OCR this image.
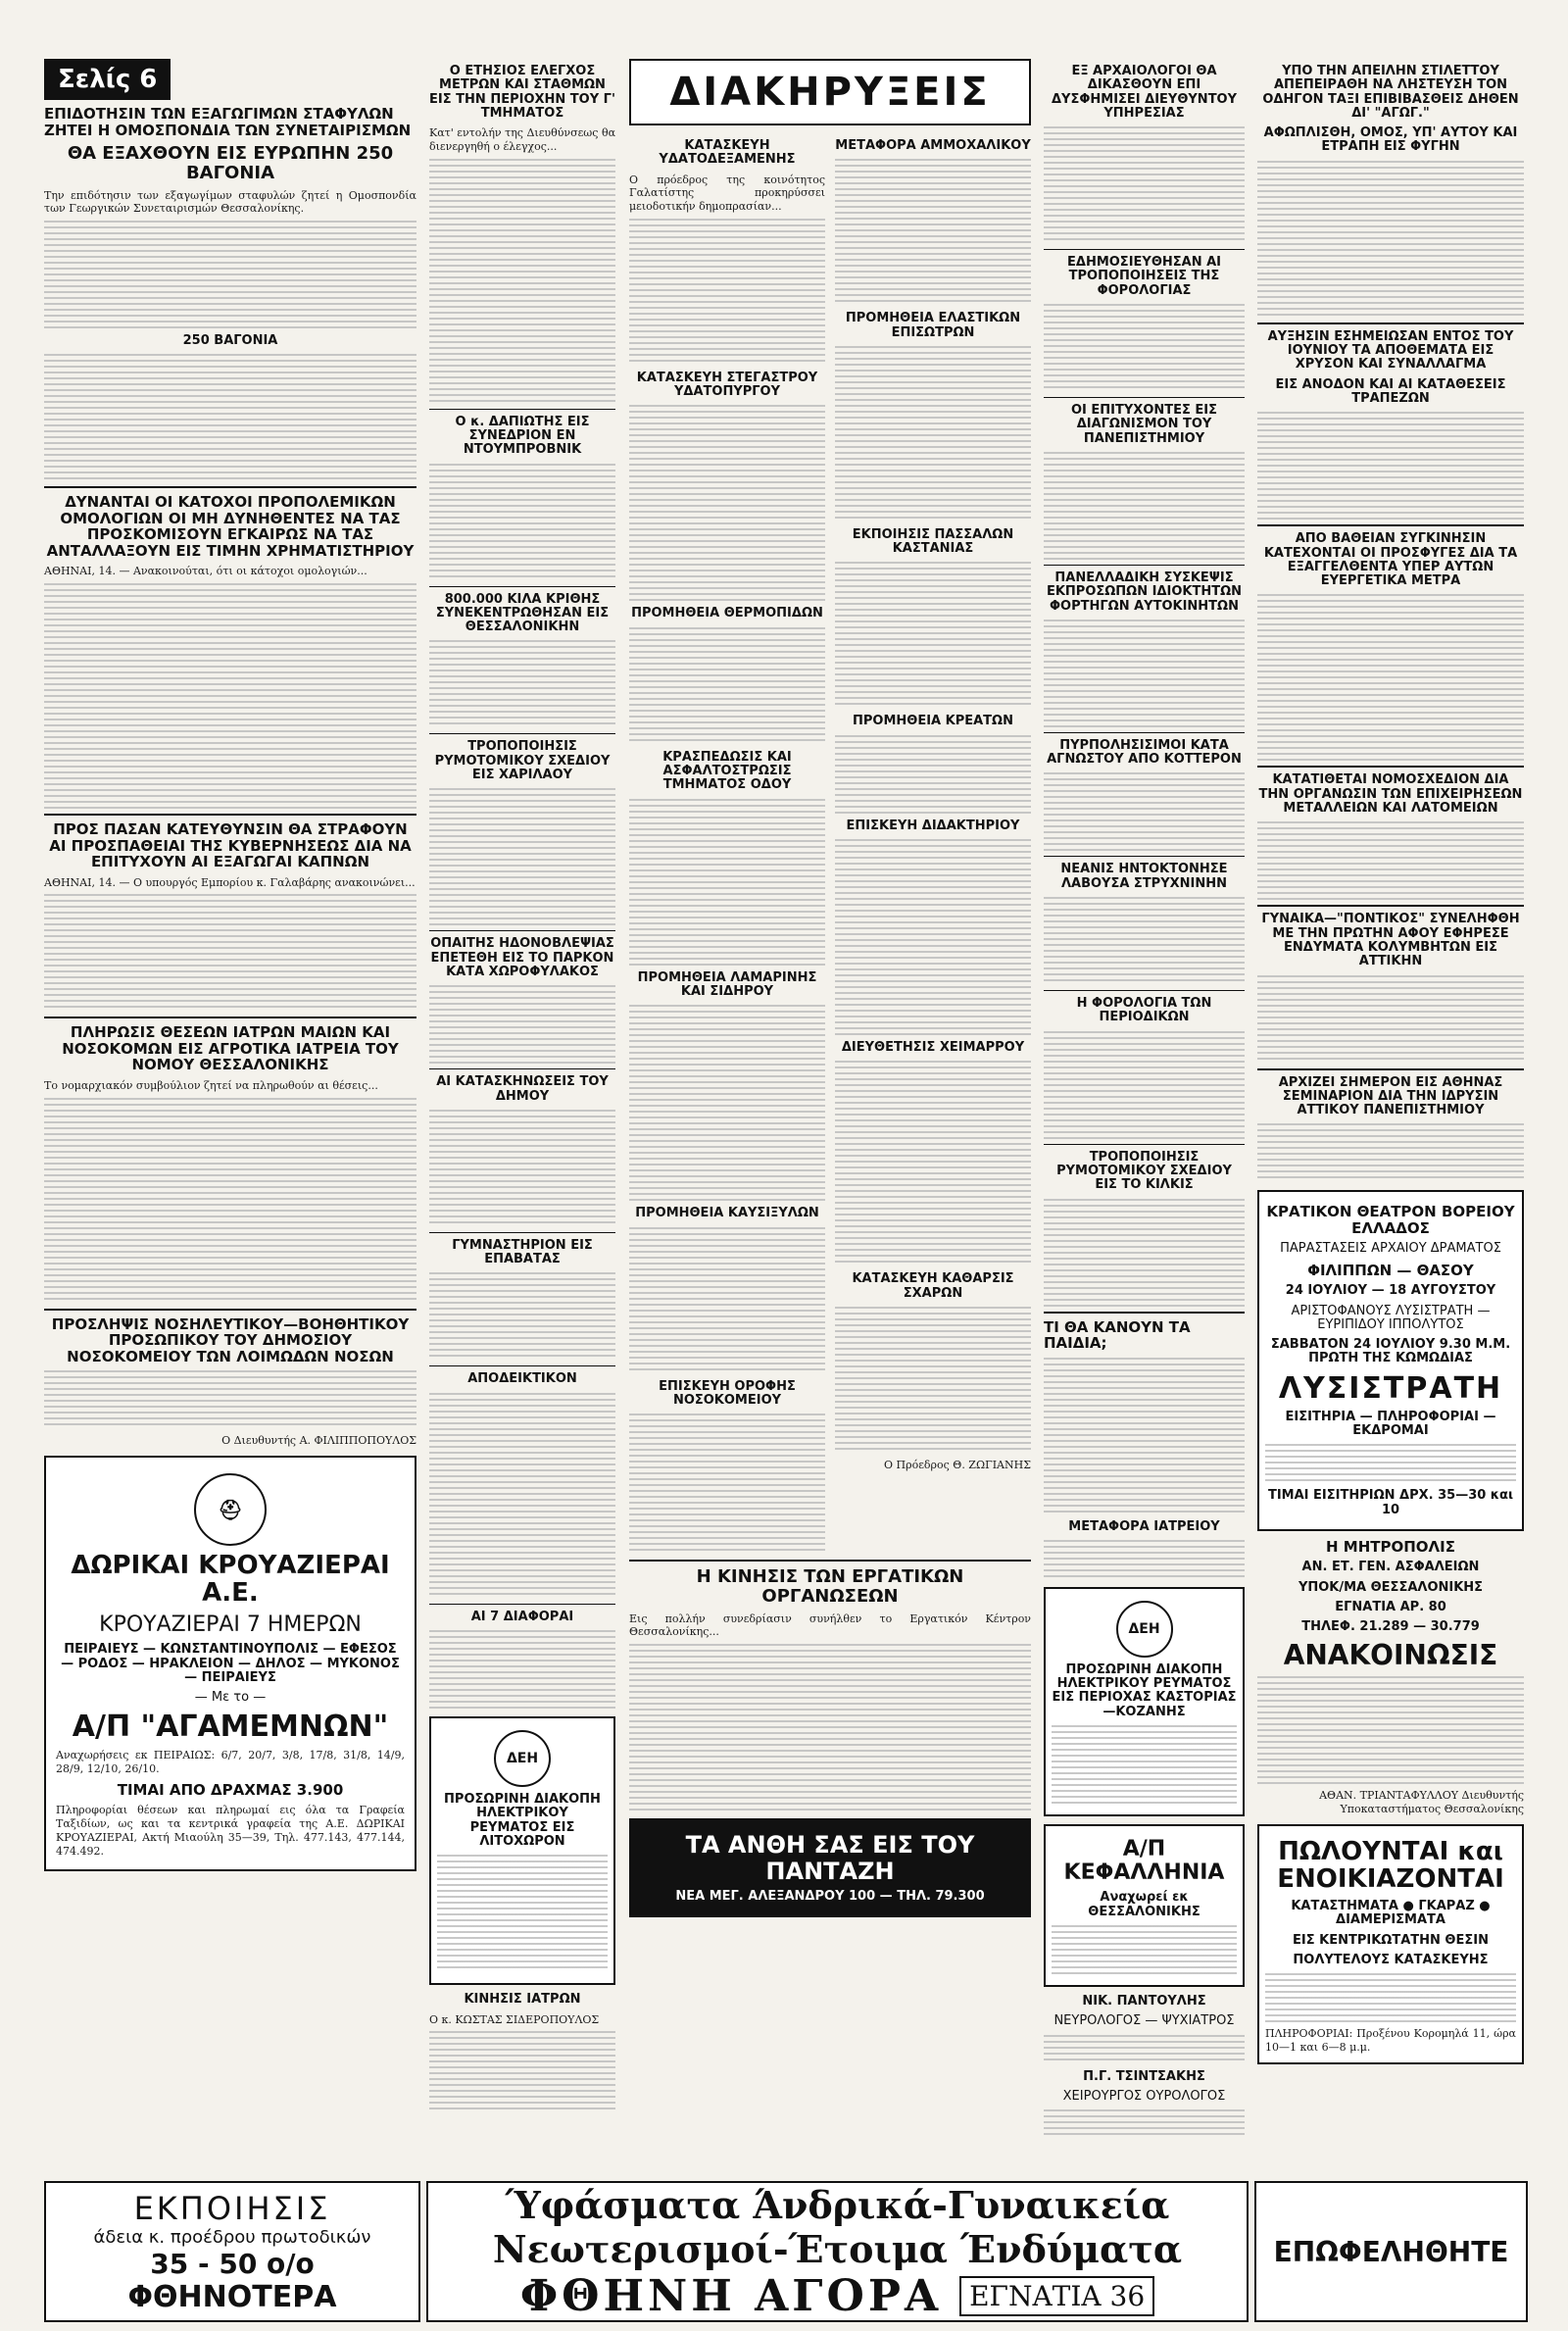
Σελίς 6
ΕΠΙΔΟΤΗΣΙΝ ΤΩΝ ΕΞΑΓΩΓΙΜΩΝ ΣΤΑΦΥΛΩΝ ΖΗΤΕΙ Η ΟΜΟΣΠΟΝΔΙΑ ΤΩΝ ΣΥΝΕΤΑΙΡΙΣΜΩΝ
ΘΑ ΕΞΑΧΘΟΥΝ ΕΙΣ ΕΥΡΩΠΗΝ 250 ΒΑΓΟΝΙΑ
Την επιδότησιν των εξαγωγίμων σταφυλών ζητεί η Ομοσπονδία των Γεωργικών Συνεταιρισμών Θεσσαλονίκης.
250 ΒΑΓΟΝΙΑ
ΔΥΝΑΝΤΑΙ ΟΙ ΚΑΤΟΧΟΙ ΠΡΟΠΟΛΕΜΙΚΩΝ ΟΜΟΛΟΓΙΩΝ ΟΙ ΜΗ ΔΥΝΗΘΕΝΤΕΣ ΝΑ ΤΑΣ ΠΡΟΣΚΟΜΙΣΟΥΝ ΕΓΚΑΙΡΩΣ ΝΑ ΤΑΣ ΑΝΤΑΛΛΑΞΟΥΝ ΕΙΣ ΤΙΜΗΝ ΧΡΗΜΑΤΙΣΤΗΡΙΟΥ
ΑΘΗΝΑΙ, 14. — Ανακοινούται, ότι οι κάτοχοι ομολογιών...
ΠΡΟΣ ΠΑΣΑΝ ΚΑΤΕΥΘΥΝΣΙΝ ΘΑ ΣΤΡΑΦΟΥΝ ΑΙ ΠΡΟΣΠΑΘΕΙΑΙ ΤΗΣ ΚΥΒΕΡΝΗΣΕΩΣ ΔΙΑ ΝΑ ΕΠΙΤΥΧΟΥΝ ΑΙ ΕΞΑΓΩΓΑΙ ΚΑΠΝΩΝ
ΑΘΗΝΑΙ, 14. — Ο υπουργός Εμπορίου κ. Γαλαβάρης ανακοινώνει...
ΠΛΗΡΩΣΙΣ ΘΕΣΕΩΝ ΙΑΤΡΩΝ ΜΑΙΩΝ ΚΑΙ ΝΟΣΟΚΟΜΩΝ ΕΙΣ ΑΓΡΟΤΙΚΑ ΙΑΤΡΕΙΑ ΤΟΥ ΝΟΜΟΥ ΘΕΣΣΑΛΟΝΙΚΗΣ
Το νομαρχιακόν συμβούλιον ζητεί να πληρωθούν αι θέσεις...
ΠΡΟΣΛΗΨΙΣ ΝΟΣΗΛΕΥΤΙΚΟΥ—ΒΟΗΘΗΤΙΚΟΥ ΠΡΟΣΩΠΙΚΟΥ ΤΟΥ ΔΗΜΟΣΙΟΥ ΝΟΣΟΚΟΜΕΙΟΥ ΤΩΝ ΛΟΙΜΩΔΩΝ ΝΟΣΩΝ
Ο Διευθυντής Α. ΦΙΛΙΠΠΟΠΟΥΛΟΣ
⛑
ΔΩΡΙΚΑΙ ΚΡΟΥΑΖΙΕΡΑΙ Α.Ε.
ΚΡΟΥΑΖΙΕΡΑΙ 7 ΗΜΕΡΩΝ
ΠΕΙΡΑΙΕΥΣ — ΚΩΝΣΤΑΝΤΙΝΟΥΠΟΛΙΣ — ΕΦΕΣΟΣ — ΡΟΔΟΣ — ΗΡΑΚΛΕΙΟΝ — ΔΗΛΟΣ — ΜΥΚΟΝΟΣ — ΠΕΙΡΑΙΕΥΣ
— Με το —
Α/Π "ΑΓΑΜΕΜΝΩΝ"
Αναχωρήσεις εκ ΠΕΙΡΑΙΩΣ: 6/7, 20/7, 3/8, 17/8, 31/8, 14/9, 28/9, 12/10, 26/10.
ΤΙΜΑΙ ΑΠΟ ΔΡΑΧΜΑΣ 3.900
Πληροφορίαι θέσεων και πληρωμαί εις όλα τα Γραφεία Ταξιδίων, ως και τα κεντρικά γραφεία της Α.Ε. ΔΩΡΙΚΑΙ ΚΡΟΥΑΖΙΕΡΑΙ, Ακτή Μιαούλη 35—39, Τηλ. 477.143, 477.144, 474.492.
Ο ΕΤΗΣΙΟΣ ΕΛΕΓΧΟΣ ΜΕΤΡΩΝ ΚΑΙ ΣΤΑΘΜΩΝ ΕΙΣ ΤΗΝ ΠΕΡΙΟΧΗΝ ΤΟΥ Γ' ΤΜΗΜΑΤΟΣ
Κατ' εντολήν της Διευθύνσεως θα διενεργηθή ο έλεγχος...
Ο κ. ΔΑΠΙΩΤΗΣ ΕΙΣ ΣΥΝΕΔΡΙΟΝ ΕΝ ΝΤΟΥΜΠΡΟΒΝΙΚ
800.000 ΚΙΛΑ ΚΡΙΘΗΣ ΣΥΝΕΚΕΝΤΡΩΘΗΣΑΝ ΕΙΣ ΘΕΣΣΑΛΟΝΙΚΗΝ
ΤΡΟΠΟΠΟΙΗΣΙΣ ΡΥΜΟΤΟΜΙΚΟΥ ΣΧΕΔΙΟΥ ΕΙΣ ΧΑΡΙΛΑΟΥ
ΟΠΑΙΤΗΣ ΗΔΟΝΟΒΛΕΨΙΑΣ ΕΠΕΤΕΘΗ ΕΙΣ ΤΟ ΠΑΡΚΟΝ ΚΑΤΑ ΧΩΡΟΦΥΛΑΚΟΣ
ΑΙ ΚΑΤΑΣΚΗΝΩΣΕΙΣ ΤΟΥ ΔΗΜΟΥ
ΓΥΜΝΑΣΤΗΡΙΟΝ ΕΙΣ ΕΠΑΒΑΤΑΣ
ΑΠΟΔΕΙΚΤΙΚΟΝ
ΑΙ 7 ΔΙΑΦΟΡΑΙ
ΔΕΗ
ΠΡΟΣΩΡΙΝΗ ΔΙΑΚΟΠΗ ΗΛΕΚΤΡΙΚΟΥ ΡΕΥΜΑΤΟΣ ΕΙΣ ΛΙΤΟΧΩΡΟΝ
ΚΙΝΗΣΙΣ ΙΑΤΡΩΝ
Ο κ. ΚΩΣΤΑΣ ΣΙΔΕΡΟΠΟΥΛΟΣ
ΔΙΑΚΗΡΥΞΕΙΣ
ΚΑΤΑΣΚΕΥΗ ΥΔΑΤΟΔΕΞΑΜΕΝΗΣ
Ο πρόεδρος της κοινότητος Γαλατίστης προκηρύσσει μειοδοτικήν δημοπρασίαν...
ΚΑΤΑΣΚΕΥΗ ΣΤΕΓΑΣΤΡΟΥ ΥΔΑΤΟΠΥΡΓΟΥ
ΠΡΟΜΗΘΕΙΑ ΘΕΡΜΟΠΙΔΩΝ
ΚΡΑΣΠΕΔΩΣΙΣ ΚΑΙ ΑΣΦΑΛΤΟΣΤΡΩΣΙΣ ΤΜΗΜΑΤΟΣ ΟΔΟΥ
ΠΡΟΜΗΘΕΙΑ ΛΑΜΑΡΙΝΗΣ ΚΑΙ ΣΙΔΗΡΟΥ
ΠΡΟΜΗΘΕΙΑ ΚΑΥΣΙΞΥΛΩΝ
ΕΠΙΣΚΕΥΗ ΟΡΟΦΗΣ ΝΟΣΟΚΟΜΕΙΟΥ
ΜΕΤΑΦΟΡΑ ΑΜΜΟΧΑΛΙΚΟΥ
ΠΡΟΜΗΘΕΙΑ ΕΛΑΣΤΙΚΩΝ ΕΠΙΣΩΤΡΩΝ
ΕΚΠΟΙΗΣΙΣ ΠΑΣΣΑΛΩΝ ΚΑΣΤΑΝΙΑΣ
ΠΡΟΜΗΘΕΙΑ ΚΡΕΑΤΩΝ
ΕΠΙΣΚΕΥΗ ΔΙΔΑΚΤΗΡΙΟΥ
ΔΙΕΥΘΕΤΗΣΙΣ ΧΕΙΜΑΡΡΟΥ
ΚΑΤΑΣΚΕΥΗ ΚΑΘΑΡΣΙΣ ΣΧΑΡΩΝ
Ο Πρόεδρος Θ. ΖΩΓΙΑΝΗΣ
Η ΚΙΝΗΣΙΣ ΤΩΝ ΕΡΓΑΤΙΚΩΝ ΟΡΓΑΝΩΣΕΩΝ
Εις πολλήν συνεδρίασιν συνήλθεν το Εργατικόν Κέντρον Θεσσαλονίκης...
ΤΑ ΑΝΘΗ ΣΑΣ ΕΙΣ ΤΟΥ ΠΑΝΤΑΖΗ
ΝΕΑ ΜΕΓ. ΑΛΕΞΑΝΔΡΟΥ 100 — ΤΗΛ. 79.300
ΕΞ ΑΡΧΑΙΟΛΟΓΟΙ ΘΑ ΔΙΚΑΣΘΟΥΝ ΕΠΙ ΔΥΣΦΗΜΙΣΕΙ ΔΙΕΥΘΥΝΤΟΥ ΥΠΗΡΕΣΙΑΣ
ΕΔΗΜΟΣΙΕΥΘΗΣΑΝ ΑΙ ΤΡΟΠΟΠΟΙΗΣΕΙΣ ΤΗΣ ΦΟΡΟΛΟΓΙΑΣ
ΟΙ ΕΠΙΤΥΧΟΝΤΕΣ ΕΙΣ ΔΙΑΓΩΝΙΣΜΟΝ ΤΟΥ ΠΑΝΕΠΙΣΤΗΜΙΟΥ
ΠΑΝΕΛΛΑΔΙΚΗ ΣΥΣΚΕΨΙΣ ΕΚΠΡΟΣΩΠΩΝ ΙΔΙΟΚΤΗΤΩΝ ΦΟΡΤΗΓΩΝ ΑΥΤΟΚΙΝΗΤΩΝ
ΠΥΡΠΟΛΗΣΙΣΙΜΟΙ ΚΑΤΑ ΑΓΝΩΣΤΟΥ ΑΠΟ ΚΟΤΤΕΡΟΝ
ΝΕΑΝΙΣ ΗΝΤΟΚΤΟΝΗΣΕ ΛΑΒΟΥΣΑ ΣΤΡΥΧΝΙΝΗΝ
Η ΦΟΡΟΛΟΓΙΑ ΤΩΝ ΠΕΡΙΟΔΙΚΩΝ
ΤΡΟΠΟΠΟΙΗΣΙΣ ΡΥΜΟΤΟΜΙΚΟΥ ΣΧΕΔΙΟΥ ΕΙΣ ΤΟ ΚΙΛΚΙΣ
ΤΙ ΘΑ ΚΑΝΟΥΝ ΤΑ ΠΑΙΔΙΑ;
ΜΕΤΑΦΟΡΑ ΙΑΤΡΕΙΟΥ
ΔΕΗ
ΠΡΟΣΩΡΙΝΗ ΔΙΑΚΟΠΗ ΗΛΕΚΤΡΙΚΟΥ ΡΕΥΜΑΤΟΣ ΕΙΣ ΠΕΡΙΟΧΑΣ ΚΑΣΤΟΡΙΑΣ—ΚΟΖΑΝΗΣ
Α/Π ΚΕΦΑΛΛΗΝΙΑ
Αναχωρεί εκ ΘΕΣΣΑΛΟΝΙΚΗΣ
ΝΙΚ. ΠΑΝΤΟΥΛΗΣ
ΝΕΥΡΟΛΟΓΟΣ — ΨΥΧΙΑΤΡΟΣ
Π.Γ. ΤΣΙΝΤΣΑΚΗΣ
ΧΕΙΡΟΥΡΓΟΣ ΟΥΡΟΛΟΓΟΣ
ΥΠΟ ΤΗΝ ΑΠΕΙΛΗΝ ΣΤΙΛΕΤΤΟΥ ΑΠΕΠΕΙΡΑΘΗ ΝΑ ΛΗΣΤΕΥΣΗ ΤΟΝ ΟΔΗΓΟΝ ΤΑΞΙ ΕΠΙΒΙΒΑΣΘΕΙΣ ΔΗΘΕΝ ΔΙ' "ΑΓΩΓ."
ΑΦΩΠΛΙΣΘΗ, ΟΜΟΣ, ΥΠ' ΑΥΤΟΥ ΚΑΙ ΕΤΡΑΠΗ ΕΙΣ ΦΥΓΗΝ
ΑΥΞΗΣΙΝ ΕΣΗΜΕΙΩΣΑΝ ΕΝΤΟΣ ΤΟΥ ΙΟΥΝΙΟΥ ΤΑ ΑΠΟΘΕΜΑΤΑ ΕΙΣ ΧΡΥΣΟΝ ΚΑΙ ΣΥΝΑΛΛΑΓΜΑ
ΕΙΣ ΑΝΟΔΟΝ ΚΑΙ ΑΙ ΚΑΤΑΘΕΣΕΙΣ ΤΡΑΠΕΖΩΝ
ΑΠΟ ΒΑΘΕΙΑΝ ΣΥΓΚΙΝΗΣΙΝ ΚΑΤΕΧΟΝΤΑΙ ΟΙ ΠΡΟΣΦΥΓΕΣ ΔΙΑ ΤΑ ΕΞΑΓΓΕΛΘΕΝΤΑ ΥΠΕΡ ΑΥΤΩΝ ΕΥΕΡΓΕΤΙΚΑ ΜΕΤΡΑ
ΚΑΤΑΤΙΘΕΤΑΙ ΝΟΜΟΣΧΕΔΙΟΝ ΔΙΑ ΤΗΝ ΟΡΓΑΝΩΣΙΝ ΤΩΝ ΕΠΙΧΕΙΡΗΣΕΩΝ ΜΕΤΑΛΛΕΙΩΝ ΚΑΙ ΛΑΤΟΜΕΙΩΝ
ΓΥΝΑΙΚΑ—"ΠΟΝΤΙΚΟΣ" ΣΥΝΕΛΗΦΘΗ ΜΕ ΤΗΝ ΠΡΩΤΗΝ ΑΦΟΥ ΕΦΗΡΕΣΕ ΕΝΔΥΜΑΤΑ ΚΟΛΥΜΒΗΤΩΝ ΕΙΣ ΑΤΤΙΚΗΝ
ΑΡΧΙΖΕΙ ΣΗΜΕΡΟΝ ΕΙΣ ΑΘΗΝΑΣ ΣΕΜΙΝΑΡΙΟΝ ΔΙΑ ΤΗΝ ΙΔΡΥΣΙΝ ΑΤΤΙΚΟΥ ΠΑΝΕΠΙΣΤΗΜΙΟΥ
ΚΡΑΤΙΚΟΝ ΘΕΑΤΡΟΝ ΒΟΡΕΙΟΥ ΕΛΛΑΔΟΣ
ΠΑΡΑΣΤΑΣΕΙΣ ΑΡΧΑΙΟΥ ΔΡΑΜΑΤΟΣ
ΦΙΛΙΠΠΩΝ — ΘΑΣΟΥ
24 ΙΟΥΛΙΟΥ — 18 ΑΥΓΟΥΣΤΟΥ
ΑΡΙΣΤΟΦΑΝΟΥΣ ΛΥΣΙΣΤΡΑΤΗ — ΕΥΡΙΠΙΔΟΥ ΙΠΠΟΛΥΤΟΣ
ΣΑΒΒΑΤΟΝ 24 ΙΟΥΛΙΟΥ 9.30 Μ.Μ. ΠΡΩΤΗ ΤΗΣ ΚΩΜΩΔΙΑΣ
ΛΥΣΙΣΤΡΑΤΗ
ΕΙΣΙΤΗΡΙΑ — ΠΛΗΡΟΦΟΡΙΑΙ — ΕΚΔΡΟΜΑΙ
ΤΙΜΑΙ ΕΙΣΙΤΗΡΙΩΝ ΔΡΧ. 35—30 και 10
Η ΜΗΤΡΟΠΟΛΙΣ
ΑΝ. ΕΤ. ΓΕΝ. ΑΣΦΑΛΕΙΩΝ
ΥΠΟΚ/ΜΑ ΘΕΣΣΑΛΟΝΙΚΗΣ
ΕΓΝΑΤΙΑ ΑΡ. 80
ΤΗΛΕΦ. 21.289 — 30.779
ΑΝΑΚΟΙΝΩΣΙΣ
ΑΘΑΝ. ΤΡΙΑΝΤΑΦΥΛΛΟΥ Διευθυντής Υποκαταστήματος Θεσσαλονίκης
ΠΩΛΟΥΝΤΑΙ και ΕΝΟΙΚΙΑΖΟΝΤΑΙ
ΚΑΤΑΣΤΗΜΑΤΑ ● ΓΚΑΡΑΖ ● ΔΙΑΜΕΡΙΣΜΑΤΑ
ΕΙΣ ΚΕΝΤΡΙΚΩΤΑΤΗΝ ΘΕΣΙΝ
ΠΟΛΥΤΕΛΟΥΣ ΚΑΤΑΣΚΕΥΗΣ
ΠΛΗΡΟΦΟΡΙΑΙ: Προξένου Κορομηλά 11, ώρα 10—1 και 6—8 μ.μ.
ΕΚΠΟΙΗΣΙΣ
άδεια κ. προέδρου πρωτοδικών
35 - 50 ο/ο
ΦΘΗΝΟΤΕΡΑ
Ύφάσματα Άνδρικά-Γυναικεία
Νεωτερισμοί-Έτοιμα Ένδύματα
ΦΘΗΝΗ ΑΓΟΡΑ	ΕΓΝΑΤΙΑ 36
ΕΠΩΦΕΛΗΘΗΤΕ
